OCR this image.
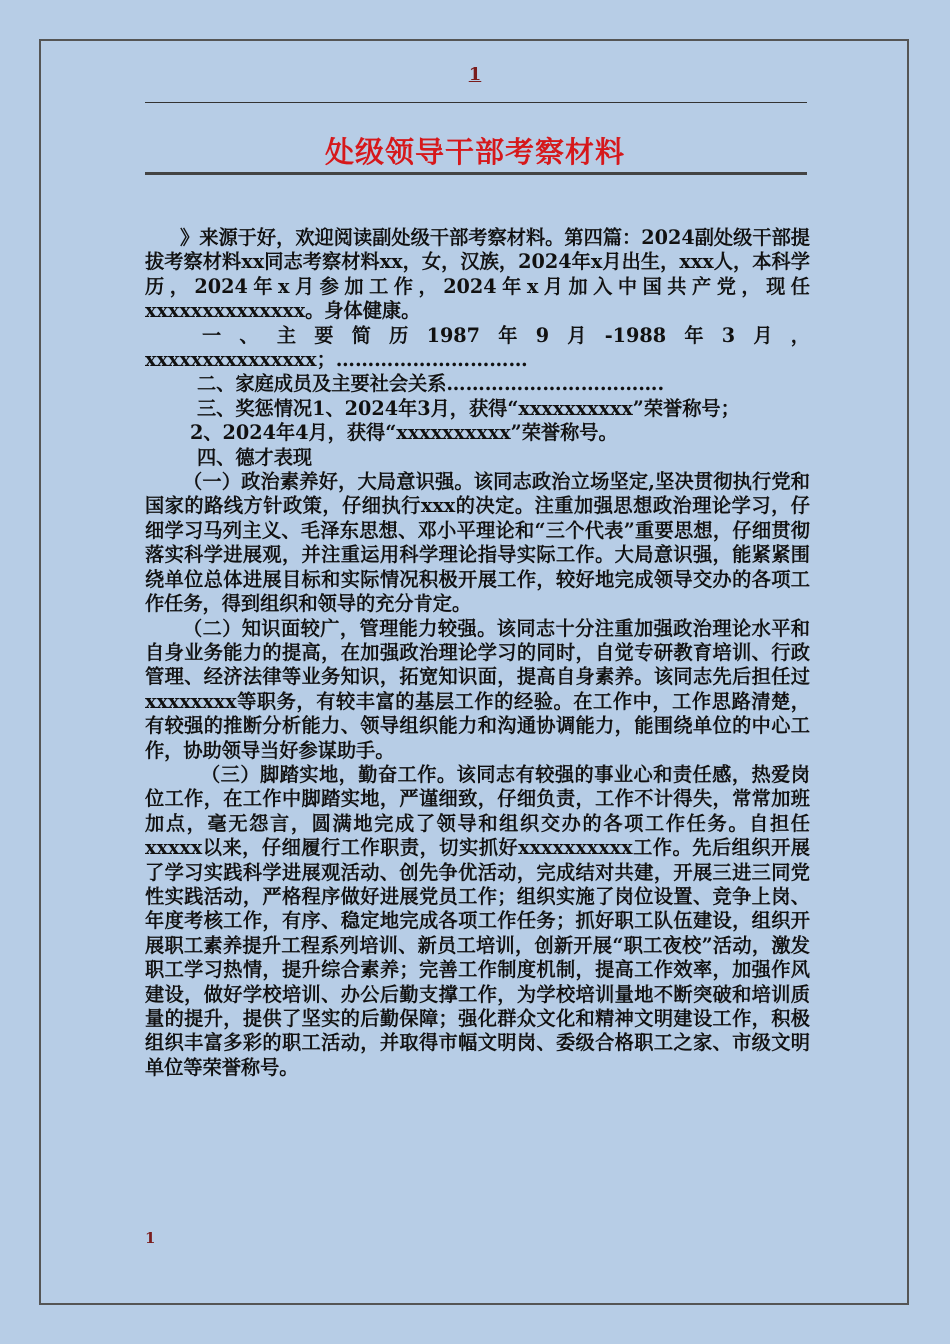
1
处级领导干部考察材料

》来源于好，欢迎阅读副处级干部考察材料。第四篇：2024副处级干部提拔考察材料xx同志考察材料xx，女，汉族，2024年x月出生，xxx人，本科学历，2024年x月参加工作，2024年x月加入中国共产党，现任xxxxxxxxxxxxxx。身体健康。

一、主要简历1987年9月-1988年3月，xxxxxxxxxxxxxxx；…………………………

二、家庭成员及主要社会关系…………………………….

三、奖惩情况1、2024年3月，获得“xxxxxxxxxx”荣誉称号；

2、2024年4月，获得“xxxxxxxxxx”荣誉称号。

四、德才表现

（一）政治素养好，大局意识强。该同志政治立场坚定,坚决贯彻执行党和国家的路线方针政策，仔细执行xxx的决定。注重加强思想政治理论学习，仔细学习马列主义、毛泽东思想、邓小平理论和“三个代表”重要思想，仔细贯彻落实科学进展观，并注重运用科学理论指导实际工作。大局意识强，能紧紧围绕单位总体进展目标和实际情况积极开展工作，较好地完成领导交办的各项工作任务，得到组织和领导的充分肯定。

（二）知识面较广，管理能力较强。该同志十分注重加强政治理论水平和自身业务能力的提高，在加强政治理论学习的同时，自觉专研教育培训、行政管理、经济法律等业务知识，拓宽知识面，提高自身素养。该同志先后担任过xxxxxxxx等职务，有较丰富的基层工作的经验。在工作中，工作思路清楚，有较强的推断分析能力、领导组织能力和沟通协调能力，能围绕单位的中心工作，协助领导当好参谋助手。

（三）脚踏实地，勤奋工作。该同志有较强的事业心和责任感，热爱岗位工作，在工作中脚踏实地，严谨细致，仔细负责，工作不计得失，常常加班加点，毫无怨言，圆满地完成了领导和组织交办的各项工作任务。自担任xxxxx以来，仔细履行工作职责，切实抓好xxxxxxxxxx工作。先后组织开展了学习实践科学进展观活动、创先争优活动，完成结对共建，开展三进三同党性实践活动，严格程序做好进展党员工作；组织实施了岗位设置、竞争上岗、年度考核工作，有序、稳定地完成各项工作任务；抓好职工队伍建设，组织开展职工素养提升工程系列培训、新员工培训，创新开展“职工夜校”活动，激发职工学习热情，提升综合素养；完善工作制度机制，提高工作效率，加强作风建设，做好学校培训、办公后勤支撑工作，为学校培训量地不断突破和培训质量的提升，提供了坚实的后勤保障；强化群众文化和精神文明建设工作，积极组织丰富多彩的职工活动，并取得市幅文明岗、委级合格职工之家、市级文明单位等荣誉称号。

1
